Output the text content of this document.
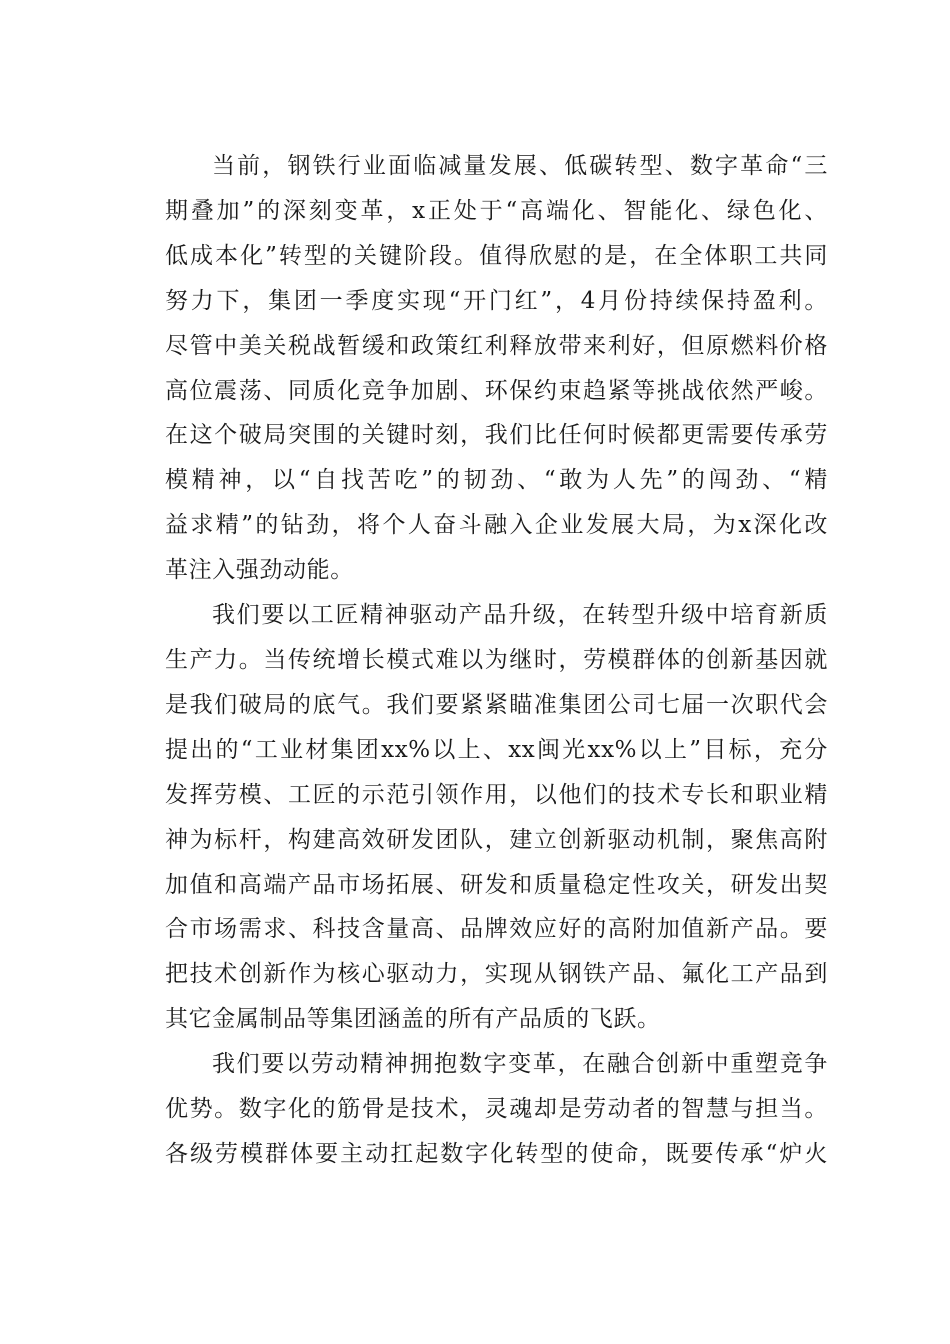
当前，钢铁行业面临减量发展、低碳转型、数字革命“三
期叠加”的深刻变革，x正处于“高端化、智能化、绿色化、
低成本化”转型的关键阶段。值得欣慰的是，在全体职工共同
努力下，集团一季度实现“开门红”，4月份持续保持盈利。
尽管中美关税战暂缓和政策红利释放带来利好，但原燃料价格
高位震荡、同质化竞争加剧、环保约束趋紧等挑战依然严峻。
在这个破局突围的关键时刻，我们比任何时候都更需要传承劳
模精神，以“自找苦吃”的韧劲、“敢为人先”的闯劲、“精
益求精”的钻劲，将个人奋斗融入企业发展大局，为x深化改
革注入强劲动能。
我们要以工匠精神驱动产品升级，在转型升级中培育新质
生产力。当传统增长模式难以为继时，劳模群体的创新基因就
是我们破局的底气。我们要紧紧瞄准集团公司七届一次职代会
提出的“工业材集团xx%以上、xx闽光xx%以上”目标，充分
发挥劳模、工匠的示范引领作用，以他们的技术专长和职业精
神为标杆，构建高效研发团队，建立创新驱动机制，聚焦高附
加值和高端产品市场拓展、研发和质量稳定性攻关，研发出契
合市场需求、科技含量高、品牌效应好的高附加值新产品。要
把技术创新作为核心驱动力，实现从钢铁产品、氟化工产品到
其它金属制品等集团涵盖的所有产品质的飞跃。
我们要以劳动精神拥抱数字变革，在融合创新中重塑竞争
优势。数字化的筋骨是技术，灵魂却是劳动者的智慧与担当。
各级劳模群体要主动扛起数字化转型的使命，既要传承“炉火
